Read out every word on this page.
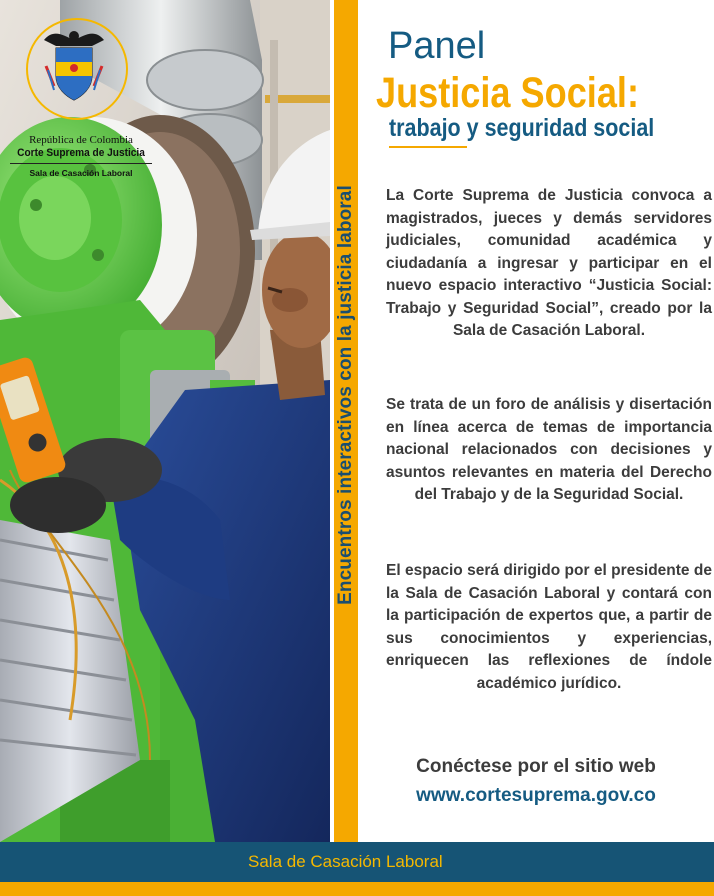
República de Colombia
Corte Suprema de Justicia
Sala de Casación Laboral
Encuentros interactivos con la justicia laboral
Panel
Justicia Social:
trabajo y seguridad social
La Corte Suprema de Justicia convoca a magistrados, jueces y demás servidores judiciales, comunidad académica y ciudadanía a ingresar y participar en el nuevo espacio interactivo “Justicia Social: Trabajo y Seguridad Social”, creado por la Sala de Casación Laboral.
Se trata de un foro de análisis y disertación en línea acerca de temas de importancia nacional relacionados con decisiones y asuntos relevantes en materia del Derecho del Trabajo y de la Seguridad Social.
El espacio será dirigido por el presidente de la Sala de Casación Laboral y contará con la participación de expertos que, a partir de sus conocimientos y experiencias, enriquecen las reflexiones de índole académico jurídico.
Conéctese por el sitio web
www.cortesuprema.gov.co
Sala de Casación Laboral
